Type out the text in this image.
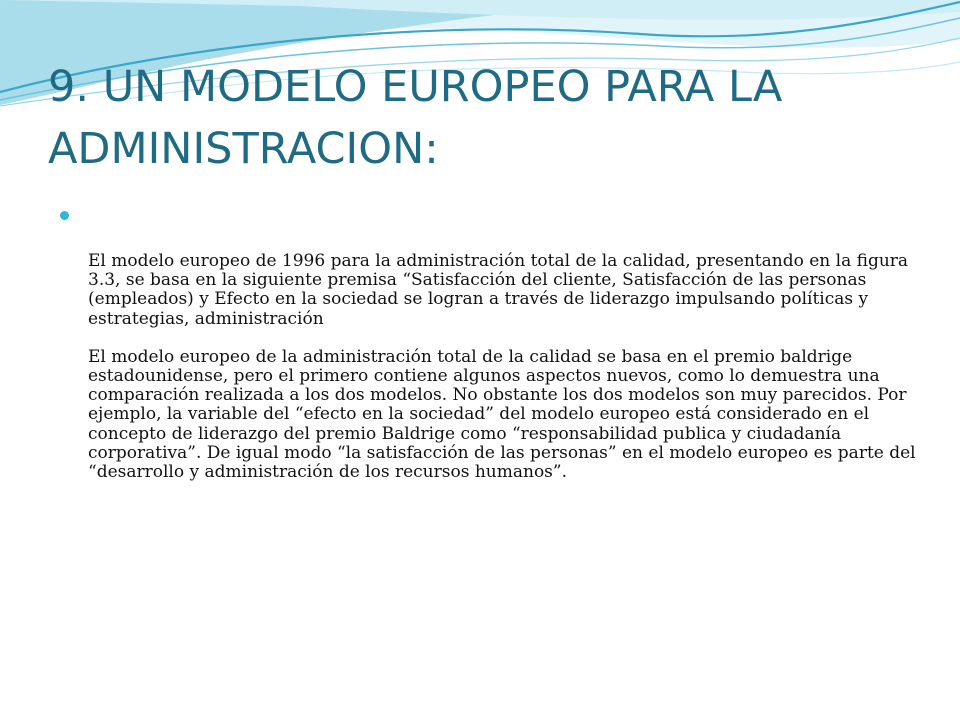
9. UN MODELO EUROPEO PARA LA ADMINISTRACION:

El modelo europeo de 1996 para la administración total de la calidad, presentando en la figura 3.3, se basa en la siguiente premisa “Satisfacción del cliente, Satisfacción de las personas (empleados) y Efecto en la sociedad se logran a través de liderazgo impulsando políticas y estrategias, administración

El modelo europeo de la administración total de la calidad se basa en el premio baldrige estadounidense, pero el primero contiene algunos aspectos nuevos, como lo demuestra una comparación realizada a los dos modelos. No obstante los dos modelos son muy parecidos. Por ejemplo, la variable del “efecto en la sociedad” del modelo europeo está considerado en el concepto de liderazgo del premio Baldrige como “responsabilidad publica y ciudadanía corporativa”. De igual modo “la satisfacción de las personas” en el modelo europeo es parte del “desarrollo y administración de los recursos humanos”.
